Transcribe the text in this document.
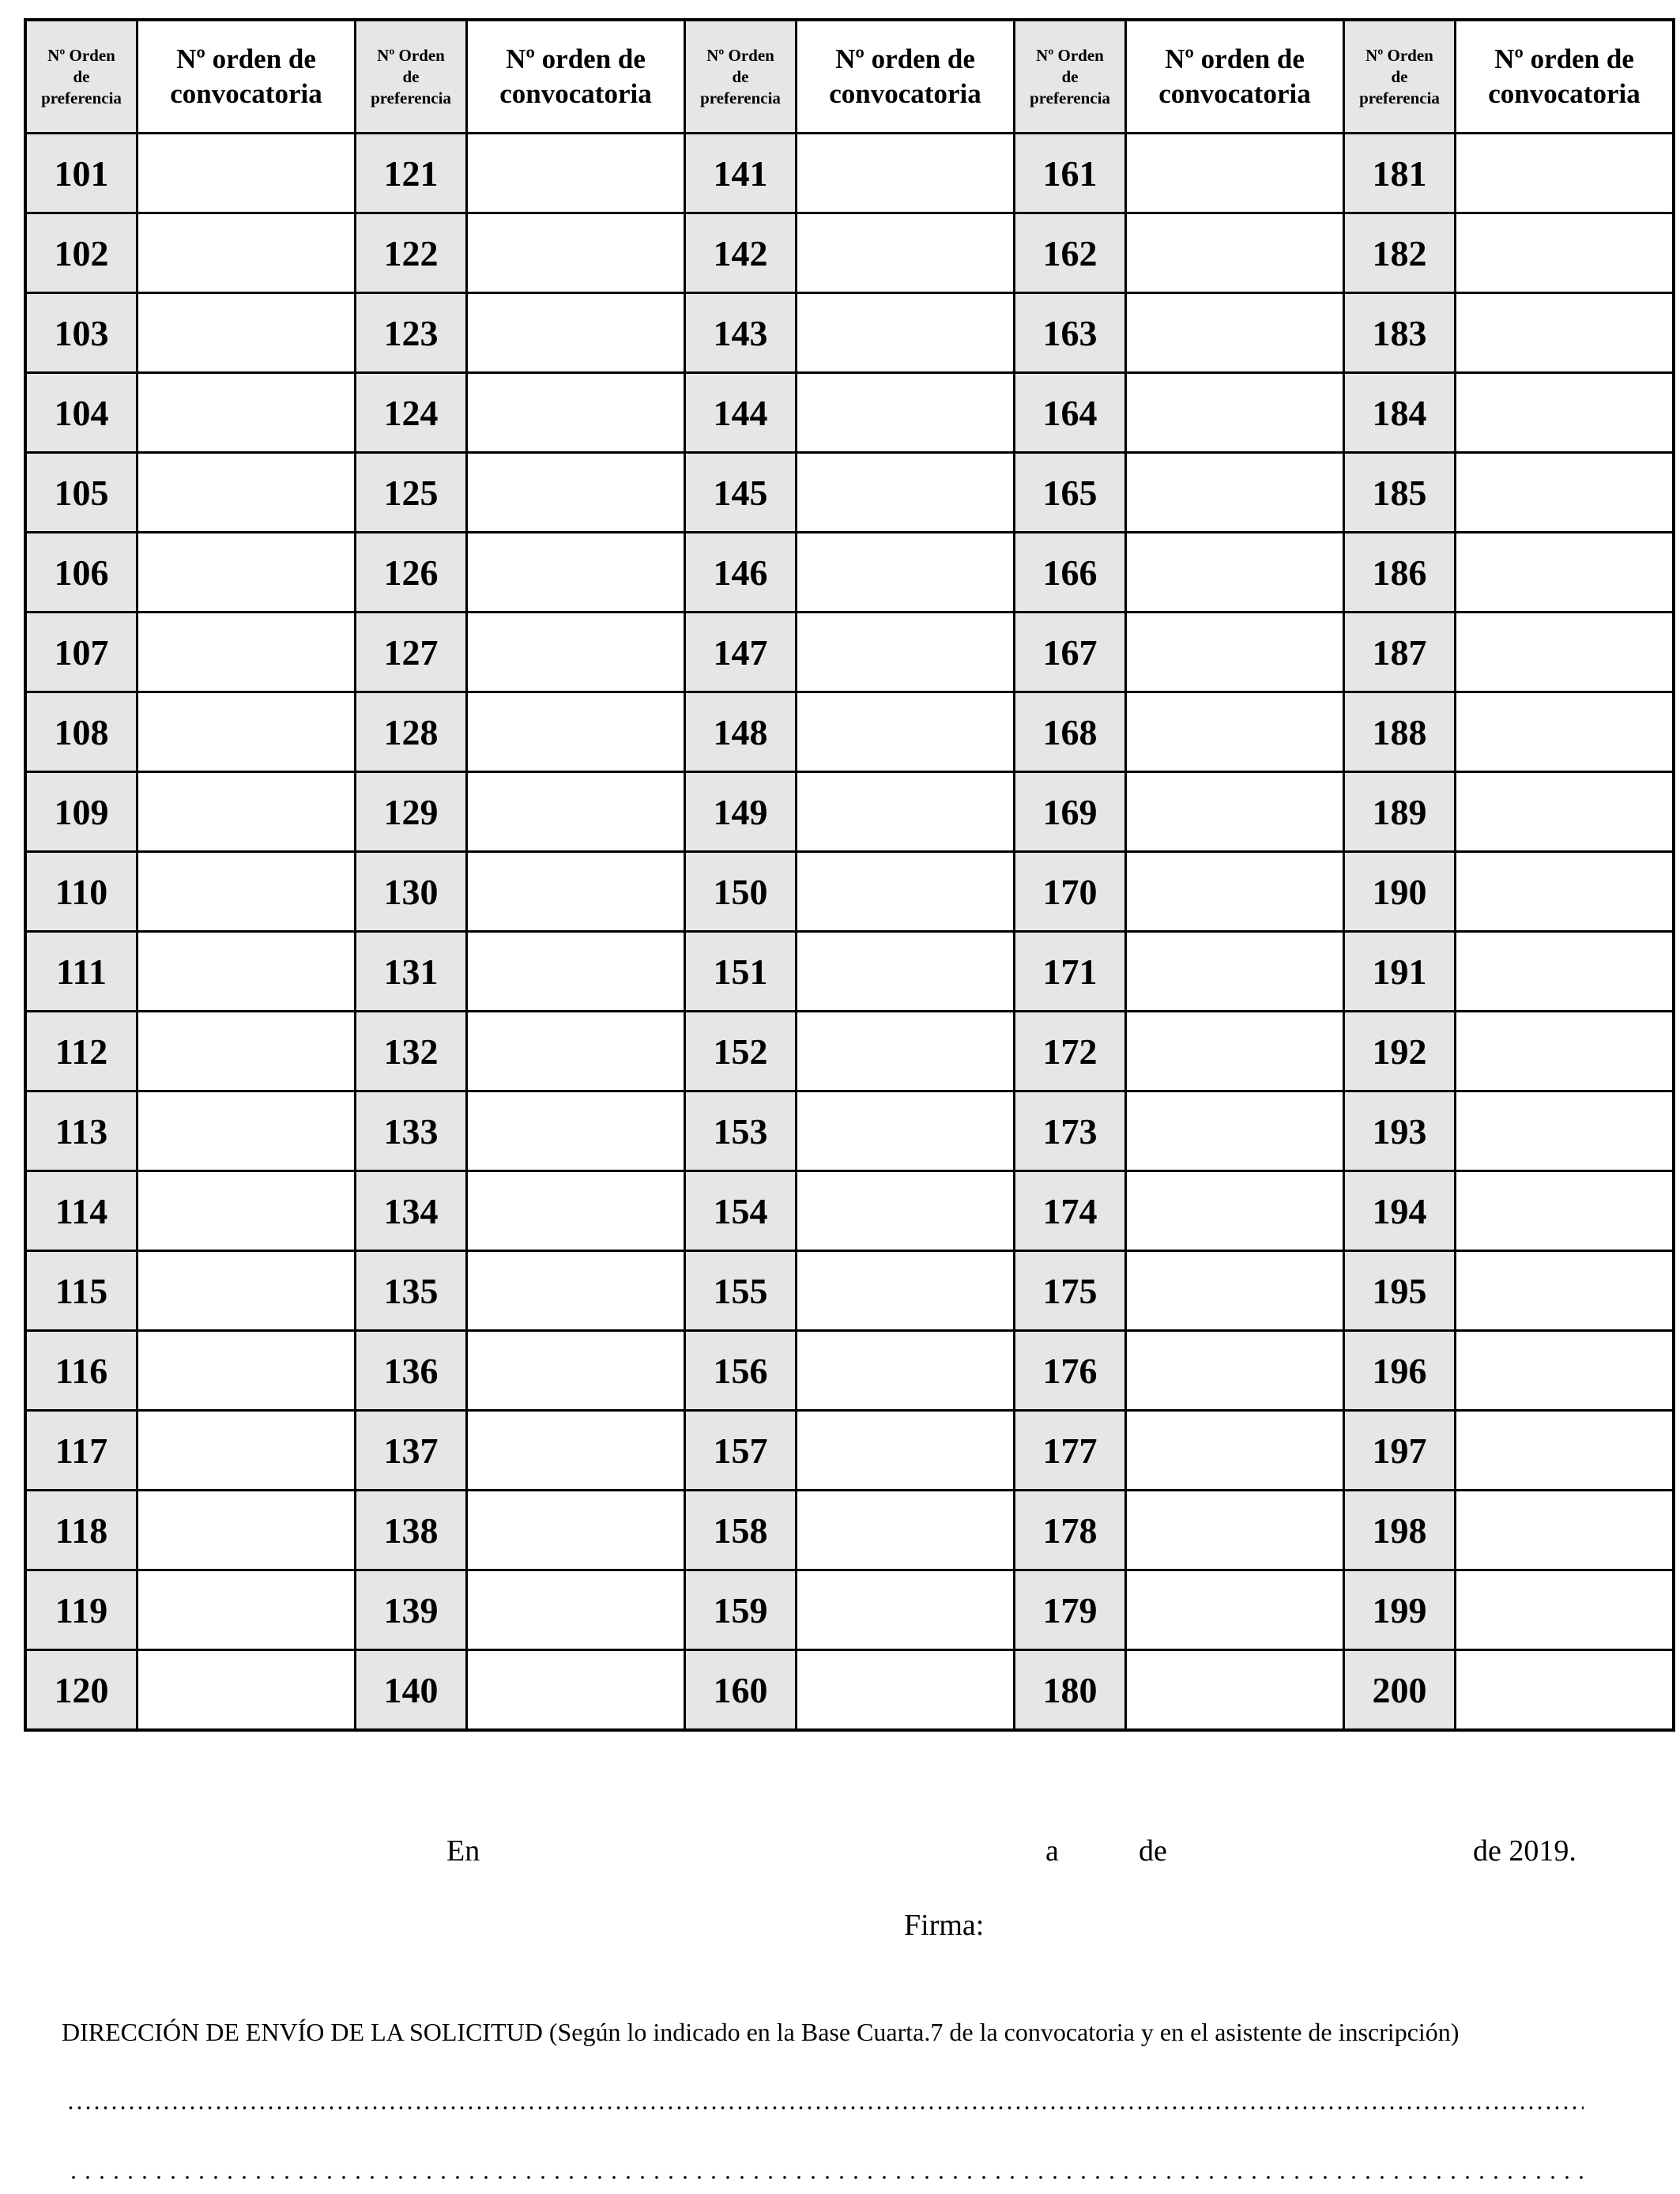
Nº Orden
de
preferencia	Nº orden de
convocatoria	Nº Orden
de
preferencia	Nº orden de
convocatoria	Nº Orden
de
preferencia	Nº orden de
convocatoria	Nº Orden
de
preferencia	Nº orden de
convocatoria	Nº Orden
de
preferencia	Nº orden de
convocatoria

101		121		141		161		181	
102		122		142		162		182	
103		123		143		163		183	
104		124		144		164		184	
105		125		145		165		185	
106		126		146		166		186	
107		127		147		167		187	
108		128		148		168		188	
109		129		149		169		189	
110		130		150		170		190	
111		131		151		171		191	
112		132		152		172		192	
113		133		153		173		193	
114		134		154		174		194	
115		135		155		175		195	
116		136		156		176		196	
117		137		157		177		197	
118		138		158		178		198	
119		139		159		179		199	
120		140		160		180		200	
En	a	de	de 2019.
Firma:
DIRECCIÓN DE ENVÍO DE LA SOLICITUD (Según lo indicado en la Base Cuarta.7 de la convocatoria y en el asistente de inscripción)
